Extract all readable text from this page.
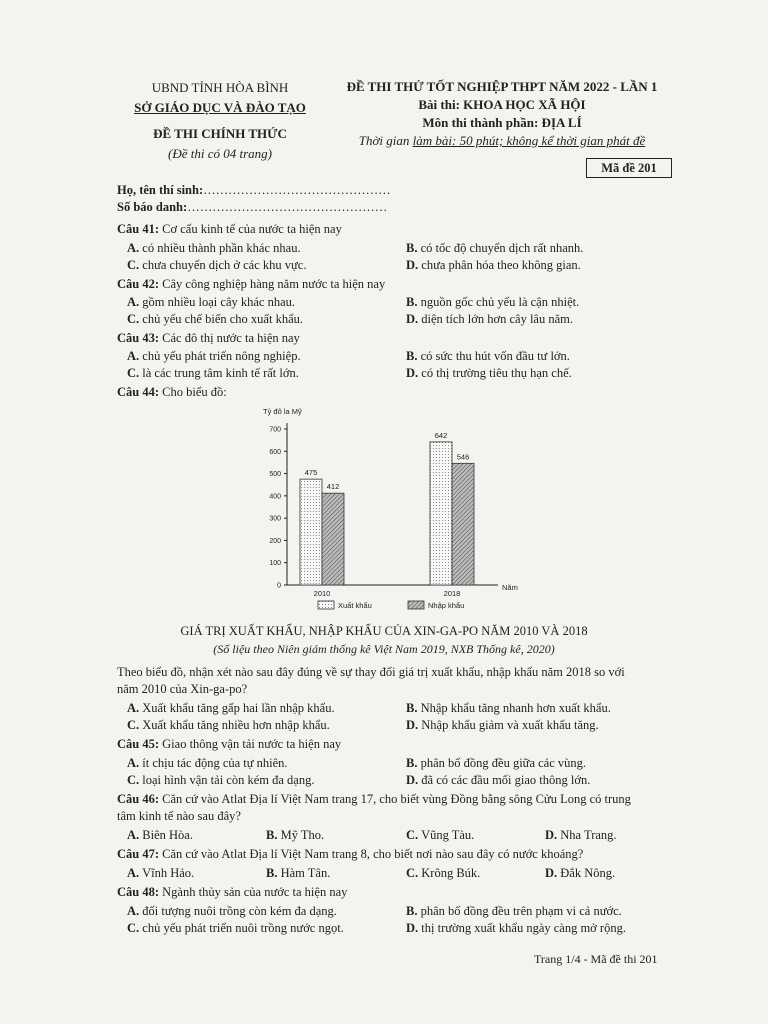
UBND TỈNH HÒA BÌNH
SỞ GIÁO DỤC VÀ ĐÀO TẠO
ĐỀ THI CHÍNH THỨC
(Đề thi có 04 trang)
ĐỀ THI THỬ TỐT NGHIỆP THPT NĂM 2022 - LẦN 1
Bài thi: KHOA HỌC XÃ HỘI
Môn thi thành phần: ĐỊA LÍ
Thời gian làm bài: 50 phút; không kể thời gian phát đề
Mã đề 201
Họ, tên thí sinh:………………………………………
Số báo danh:…………………………………………
Câu 41: Cơ cấu kinh tế của nước ta hiện nay
A. có nhiều thành phần khác nhau.	B. có tốc độ chuyển dịch rất nhanh.
C. chưa chuyển dịch ở các khu vực.	D. chưa phân hóa theo không gian.
Câu 42: Cây công nghiệp hàng năm nước ta hiện nay
A. gồm nhiều loại cây khác nhau.	B. nguồn gốc chủ yếu là cận nhiệt.
C. chủ yếu chế biến cho xuất khẩu.	D. diện tích lớn hơn cây lâu năm.
Câu 43: Các đô thị nước ta hiện nay
A. chủ yếu phát triển nông nghiệp.	B. có sức thu hút vốn đầu tư lớn.
C. là các trung tâm kinh tế rất lớn.	D. có thị trường tiêu thụ hạn chế.
Câu 44: Cho biểu đồ:
Tỷ đô la Mỹ
0
100
200
300
400
500
600
700
475
412
2010
642
546
2018
Năm
Xuất khẩu	Nhập khẩu
GIÁ TRỊ XUẤT KHẨU, NHẬP KHẨU CỦA XIN-GA-PO NĂM 2010 VÀ 2018
(Số liệu theo Niên giám thống kê Việt Nam 2019, NXB Thống kê, 2020)
Theo biểu đồ, nhận xét nào sau đây đúng về sự thay đổi giá trị xuất khẩu, nhập khẩu năm 2018 so với
năm 2010 của Xin-ga-po?
A. Xuất khẩu tăng gấp hai lần nhập khẩu.	B. Nhập khẩu tăng nhanh hơn xuất khẩu.
C. Xuất khẩu tăng nhiều hơn nhập khẩu.	D. Nhập khẩu giảm và xuất khẩu tăng.
Câu 45: Giao thông vận tải nước ta hiện nay
A. ít chịu tác động của tự nhiên.	B. phân bố đồng đều giữa các vùng.
C. loại hình vận tải còn kém đa dạng.	D. đã có các đầu mối giao thông lớn.
Câu 46: Căn cứ vào Atlat Địa lí Việt Nam trang 17, cho biết vùng Đồng bằng sông Cửu Long có trung
tâm kinh tế nào sau đây?
A. Biên Hòa.	B. Mỹ Tho.	C. Vũng Tàu.	D. Nha Trang.
Câu 47: Căn cứ vào Atlat Địa lí Việt Nam trang 8, cho biết nơi nào sau đây có nước khoáng?
A. Vĩnh Hảo.	B. Hàm Tân.	C. Krông Búk.	D. Đắk Nông.
Câu 48: Ngành thủy sản của nước ta hiện nay
A. đối tượng nuôi trồng còn kém đa dạng.	B. phân bố đồng đều trên phạm vi cả nước.
C. chủ yếu phát triển nuôi trồng nước ngọt.	D. thị trường xuất khẩu ngày càng mở rộng.
Trang 1/4 - Mã đề thi 201
